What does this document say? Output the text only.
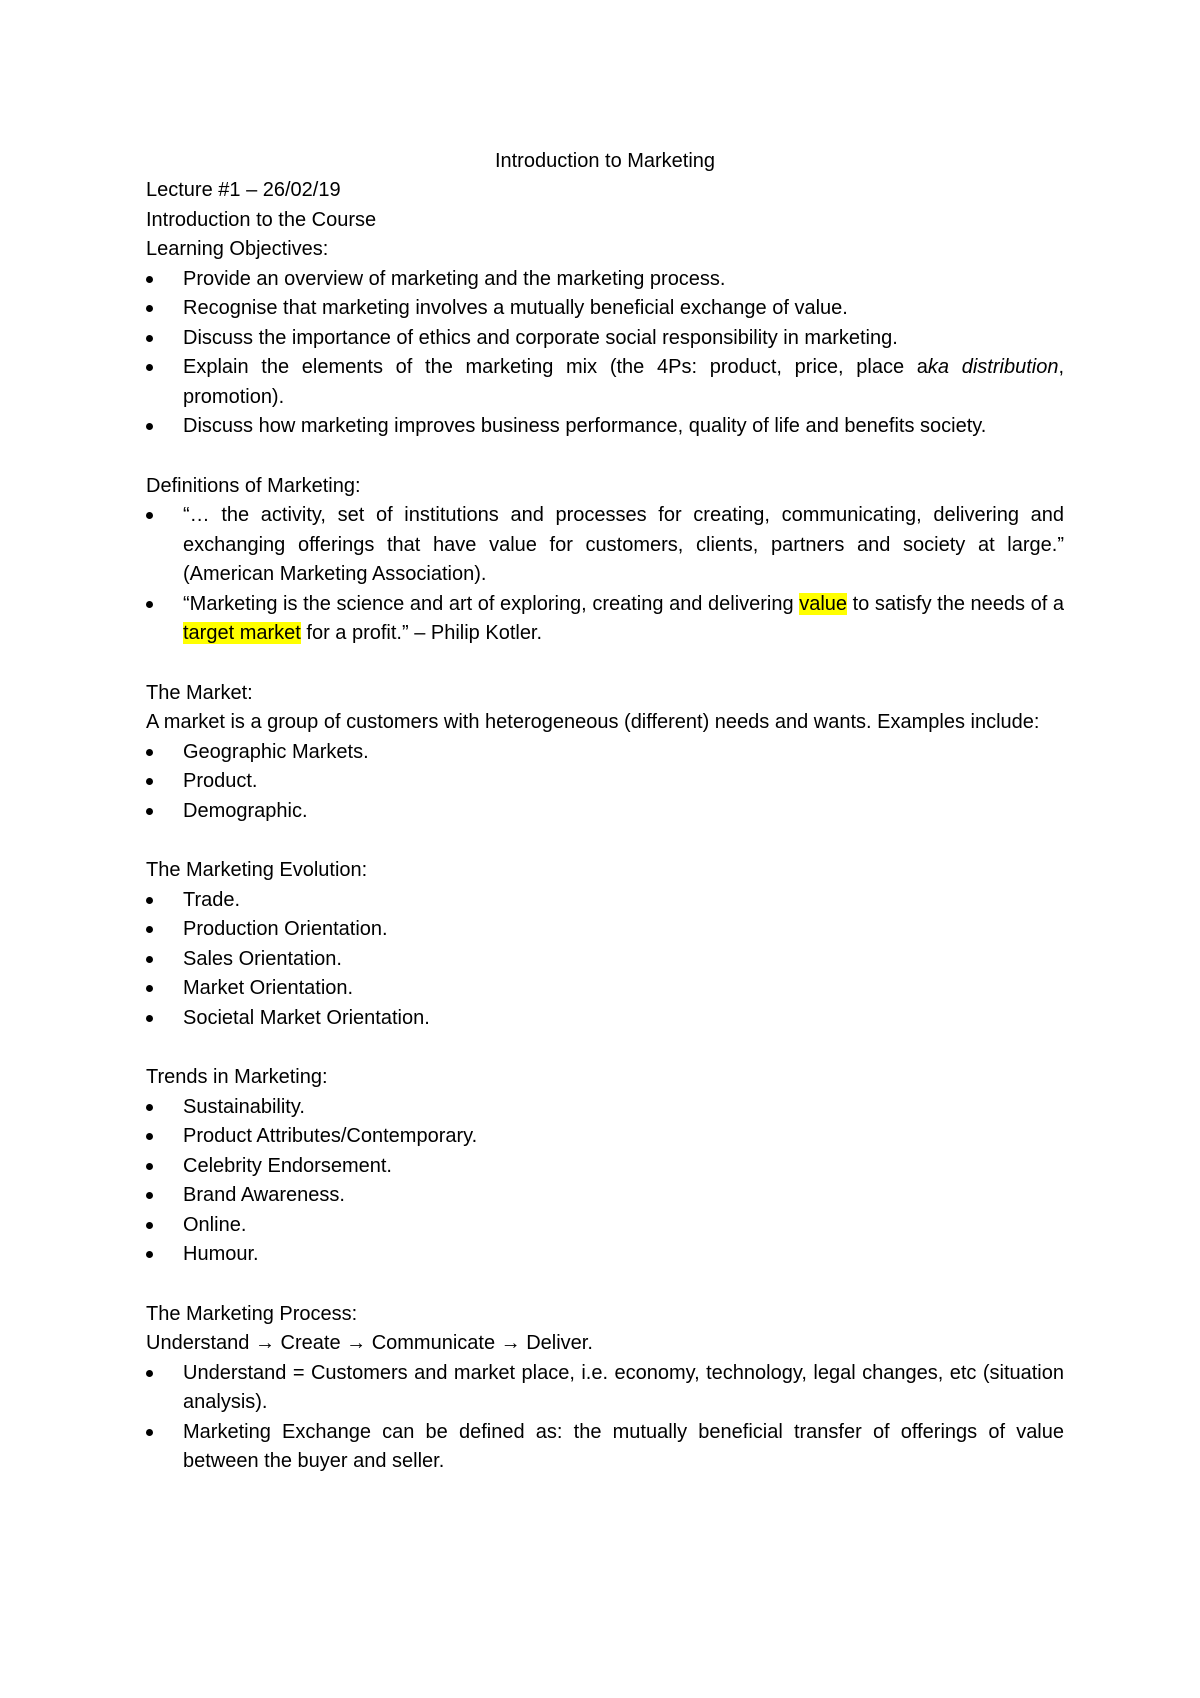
Introduction to Marketing

Lecture #1 – 26/02/19

Introduction to the Course

Learning Objectives:

Provide an overview of marketing and the marketing process.
Recognise that marketing involves a mutually beneficial exchange of value.
Discuss the importance of ethics and corporate social responsibility in marketing.
Explain the elements of the marketing mix (the 4Ps: product, price, place aka distribution, promotion).
Discuss how marketing improves business performance, quality of life and benefits society.

Definitions of Marketing:

“… the activity, set of institutions and processes for creating, communicating, delivering and exchanging offerings that have value for customers, clients, partners and society at large.” (American Marketing Association).
“Marketing is the science and art of exploring, creating and delivering value to satisfy the needs of a target market for a profit.” – Philip Kotler.

The Market:

A market is a group of customers with heterogeneous (different) needs and wants. Examples include:

Geographic Markets.
Product.
Demographic.

The Marketing Evolution:

Trade.
Production Orientation.
Sales Orientation.
Market Orientation.
Societal Market Orientation.

Trends in Marketing:

Sustainability.
Product Attributes/Contemporary.
Celebrity Endorsement.
Brand Awareness.
Online.
Humour.

The Marketing Process:

Understand → Create → Communicate → Deliver.

Understand = Customers and market place, i.e. economy, technology, legal changes, etc (situation analysis).
Marketing Exchange can be defined as: the mutually beneficial transfer of offerings of value between the buyer and seller.
